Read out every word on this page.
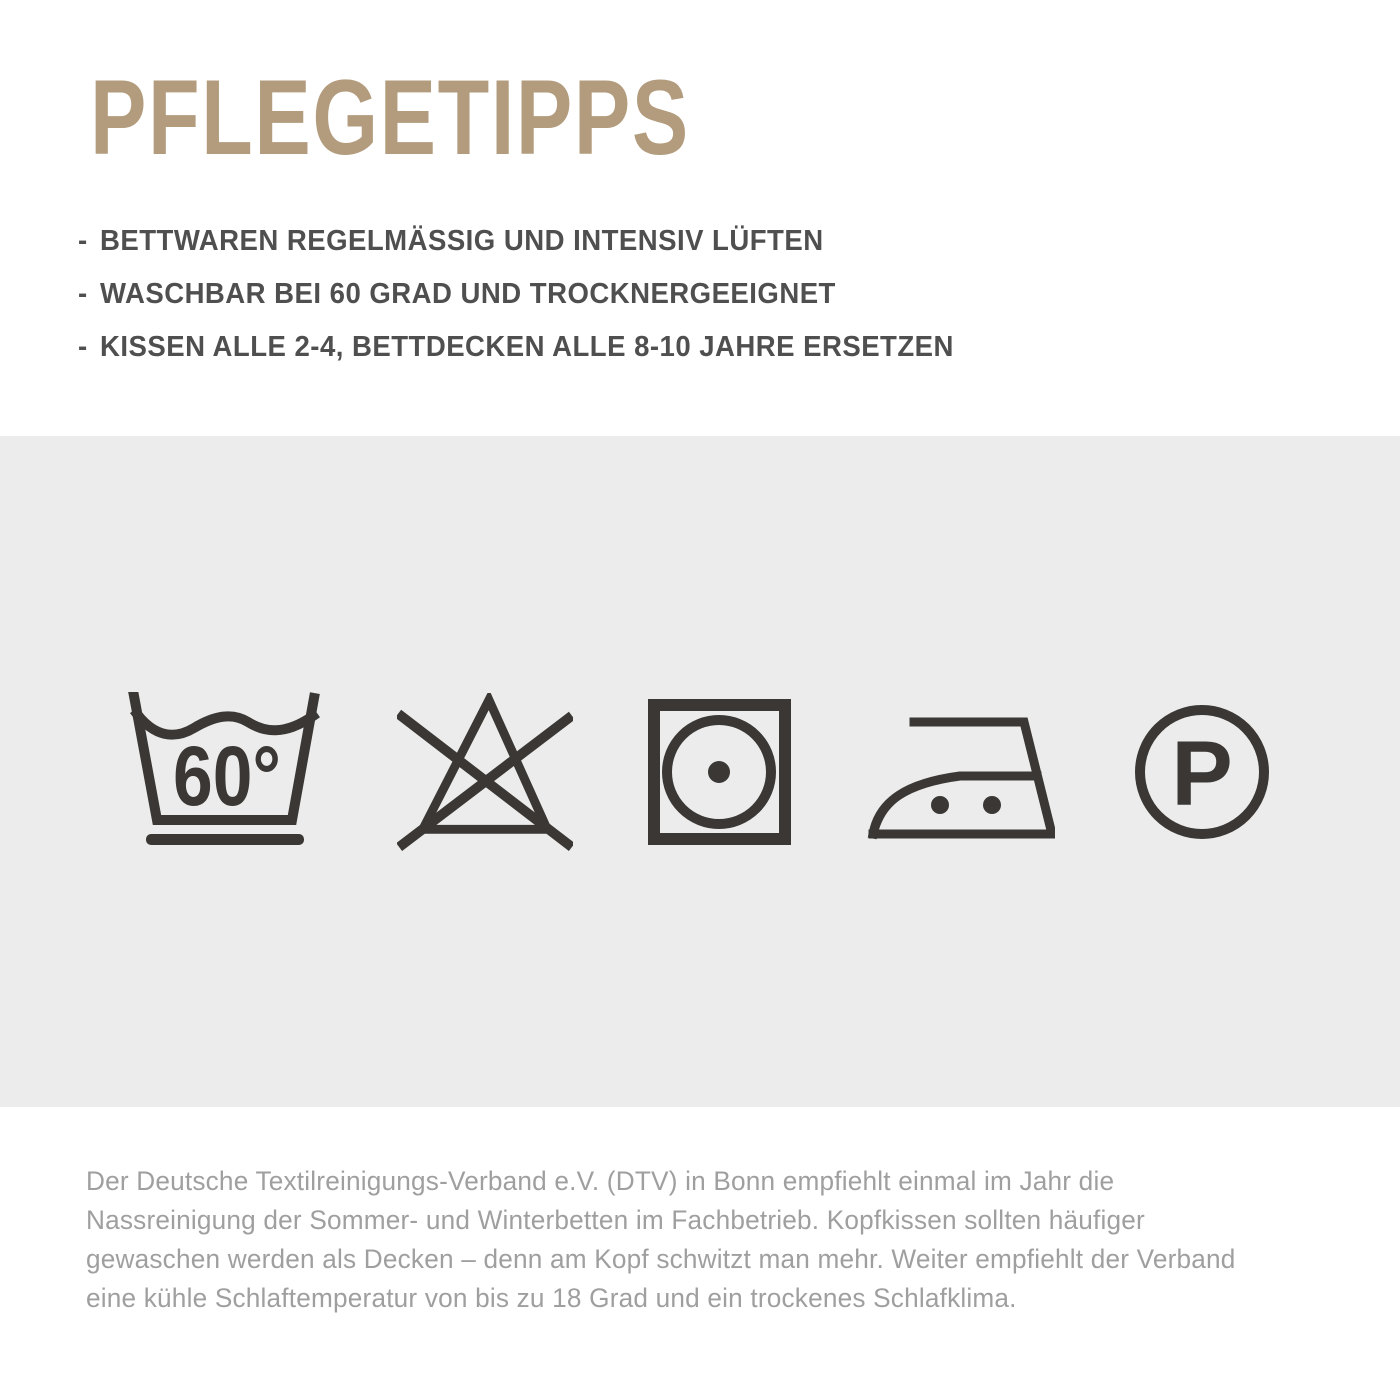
PFLEGETIPPS
- BETTWAREN REGELMÄSSIG UND INTENSIV LÜFTEN
- WASCHBAR BEI 60 GRAD UND TROCKNERGEEIGNET
- KISSEN ALLE 2-4, BETTDECKEN ALLE 8-10 JAHRE ERSETZEN
60°	P
Der Deutsche Textilreinigungs-Verband e.V. (DTV) in Bonn empfiehlt einmal im Jahr die
Nassreinigung der Sommer- und Winterbetten im Fachbetrieb. Kopfkissen sollten häufiger
gewaschen werden als Decken – denn am Kopf schwitzt man mehr. Weiter empfiehlt der Verband
eine kühle Schlaftemperatur von bis zu 18 Grad und ein trockenes Schlafklima.
